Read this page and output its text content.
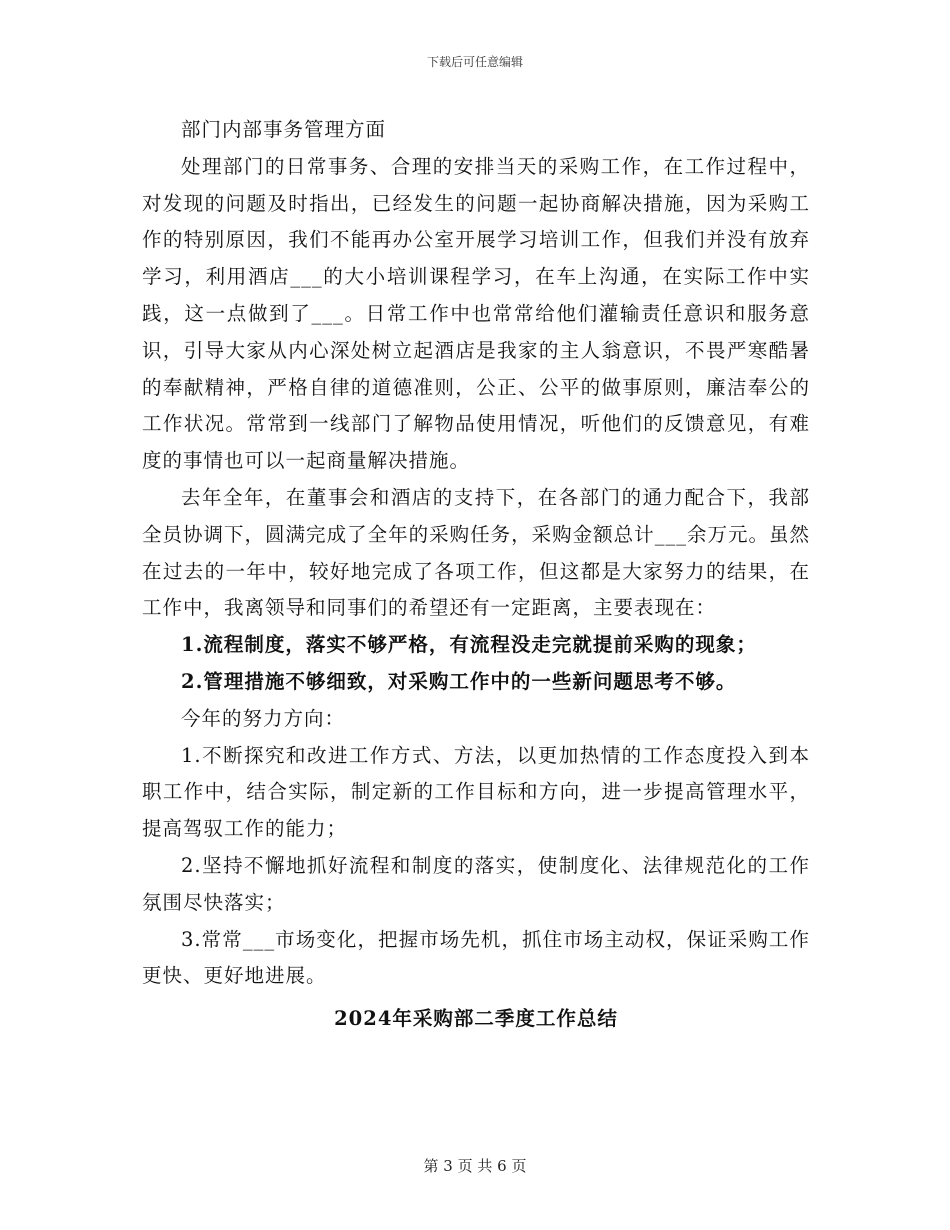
下载后可任意编辑

部门内部事务管理方面

处理部门的日常事务、合理的安排当天的采购工作，在工作过程中，对发现的问题及时指出，已经发生的问题一起协商解决措施，因为采购工作的特别原因，我们不能再办公室开展学习培训工作，但我们并没有放弃学习，利用酒店___的大小培训课程学习，在车上沟通，在实际工作中实践，这一点做到了___。日常工作中也常常给他们灌输责任意识和服务意识，引导大家从内心深处树立起酒店是我家的主人翁意识，不畏严寒酷暑的奉献精神，严格自律的道德准则，公正、公平的做事原则，廉洁奉公的工作状况。常常到一线部门了解物品使用情况，听他们的反馈意见，有难度的事情也可以一起商量解决措施。

去年全年，在董事会和酒店的支持下，在各部门的通力配合下，我部全员协调下，圆满完成了全年的采购任务，采购金额总计___余万元。虽然在过去的一年中，较好地完成了各项工作，但这都是大家努力的结果，在工作中，我离领导和同事们的希望还有一定距离，主要表现在：

1.流程制度，落实不够严格，有流程没走完就提前采购的现象；

2.管理措施不够细致，对采购工作中的一些新问题思考不够。

今年的努力方向：

1.不断探究和改进工作方式、方法，以更加热情的工作态度投入到本职工作中，结合实际，制定新的工作目标和方向，进一步提高管理水平，提高驾驭工作的能力；

2.坚持不懈地抓好流程和制度的落实，使制度化、法律规范化的工作氛围尽快落实；

3.常常___市场变化，把握市场先机，抓住市场主动权，保证采购工作更快、更好地进展。

2024年采购部二季度工作总结

第 3 页 共 6 页
